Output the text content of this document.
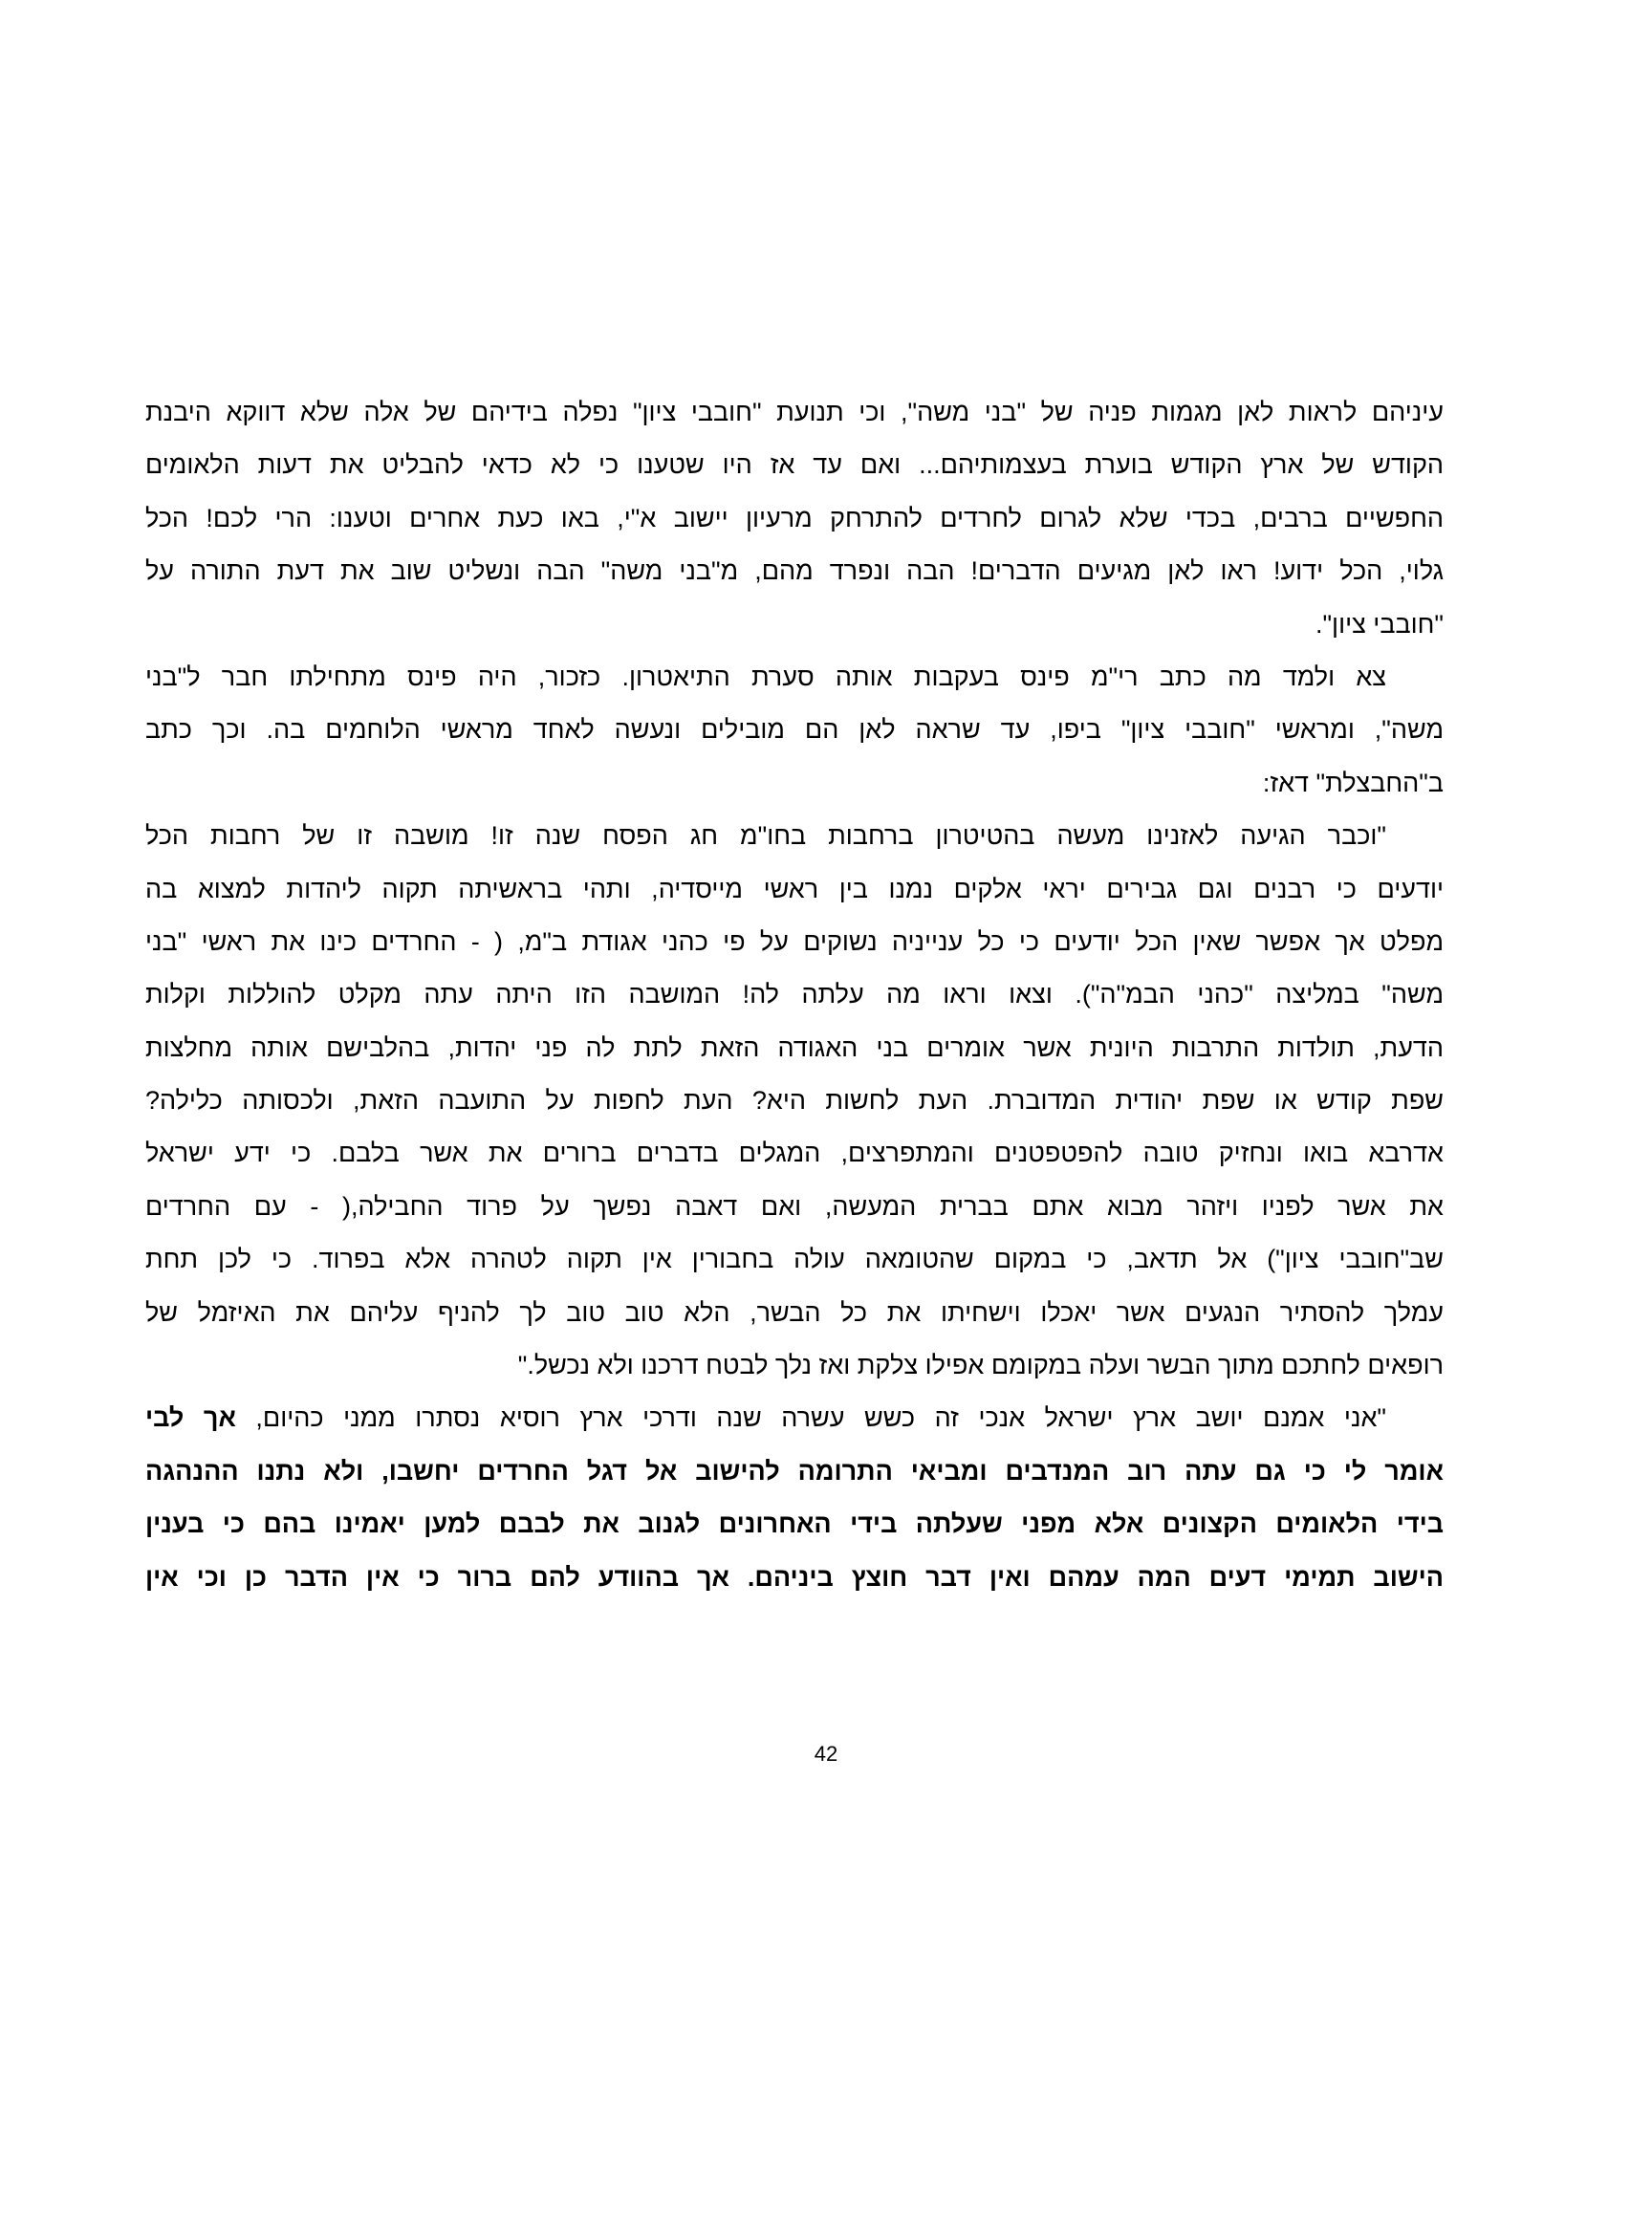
עיניהם לראות לאן מגמות פניה של "בני משה", וכי תנועת "חובבי ציון" נפלה בידיהם של אלה שלא דווקא היבנת
הקודש של ארץ הקודש בוערת בעצמותיהם... ואם עד אז היו שטענו כי לא כדאי להבליט את דעות הלאומים
החפשיים ברבים, בכדי שלא לגרום לחרדים להתרחק מרעיון יישוב א"י, באו כעת אחרים וטענו: הרי לכם! הכל
גלוי, הכל ידוע! ראו לאן מגיעים הדברים! הבה ונפרד מהם, מ"בני משה" הבה ונשליט שוב את דעת התורה על
"חובבי ציון".
צא ולמד מה כתב רי"מ פינס בעקבות אותה סערת התיאטרון. כזכור, היה פינס מתחילתו חבר ל"בני
משה", ומראשי "חובבי ציון" ביפו, עד שראה לאן הם מובילים ונעשה לאחד מראשי הלוחמים בה. וכך כתב
ב"החבצלת" דאז:
"וכבר הגיעה לאזנינו מעשה בהטיטרון ברחבות בחו"מ חג הפסח שנה זו! מושבה זו של רחבות הכל
יודעים כי רבנים וגם גבירים יראי אלקים נמנו בין ראשי מייסדיה, ותהי בראשיתה תקוה ליהדות למצוא בה
מפלט אך אפשר שאין הכל יודעים כי כל ענייניה נשוקים על פי כהני אגודת ב"מ, ( - החרדים כינו את ראשי "בני
משה" במליצה "כהני הבמ"ה"). וצאו וראו מה עלתה לה! המושבה הזו היתה עתה מקלט להוללות וקלות
הדעת, תולדות התרבות היונית אשר אומרים בני האגודה הזאת לתת לה פני יהדות, בהלבישם אותה מחלצות
שפת קודש או שפת יהודית המדוברת. העת לחשות היא? העת לחפות על התועבה הזאת, ולכסותה כלילה?
אדרבא בואו ונחזיק טובה להפטפטנים והמתפרצים, המגלים בדברים ברורים את אשר בלבם. כי ידע ישראל
את אשר לפניו ויזהר מבוא אתם בברית המעשה, ואם דאבה נפשך על פרוד החבילה,( - עם החרדים
שב"חובבי ציון") אל תדאב, כי במקום שהטומאה עולה בחבורין אין תקוה לטהרה אלא בפרוד. כי לכן תחת
עמלך להסתיר הנגעים אשר יאכלו וישחיתו את כל הבשר, הלא טוב טוב לך להניף עליהם את האיזמל של
רופאים לחתכם מתוך הבשר ועלה במקומם אפילו צלקת ואז נלך לבטח דרכנו ולא נכשל."
"אני אמנם יושב ארץ ישראל אנכי זה כשש עשרה שנה ודרכי ארץ רוסיא נסתרו ממני כהיום, אך לבי
אומר לי כי גם עתה רוב המנדבים ומביאי התרומה להישוב אל דגל החרדים יחשבו, ולא נתנו ההנהגה
בידי הלאומים הקצונים אלא מפני שעלתה בידי האחרונים לגנוב את לבבם למען יאמינו בהם כי בענין
הישוב תמימי דעים המה עמהם ואין דבר חוצץ ביניהם. אך בהוודע להם ברור כי אין הדבר כן וכי אין
42
